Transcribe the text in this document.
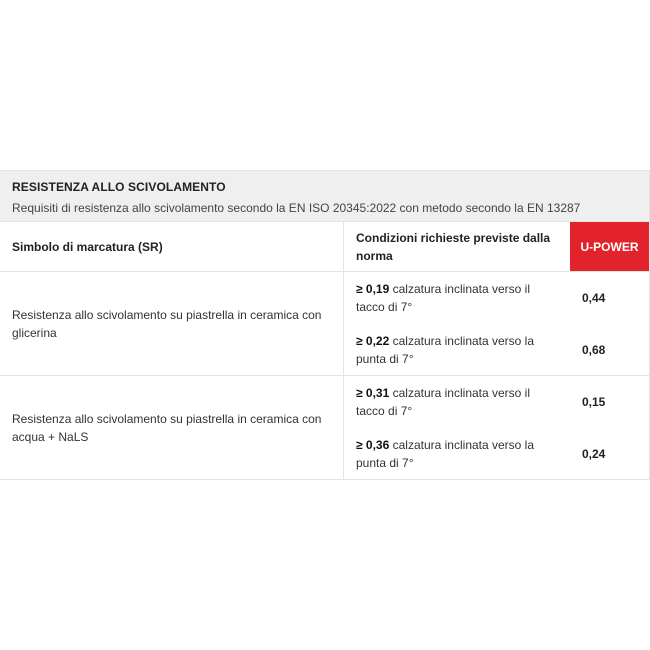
RESISTENZA ALLO SCIVOLAMENTO
Requisiti di resistenza allo scivolamento secondo la EN ISO 20345:2022 con metodo secondo la EN 13287
Simbolo di marcatura (SR)
Condizioni richieste previste dalla norma
U-POWER
Resistenza allo scivolamento su piastrella in ceramica con glicerina
≥ 0,19 calzatura inclinata verso il tacco di 7°
≥ 0,22 calzatura inclinata verso la punta di 7°
0,44
0,68
Resistenza allo scivolamento su piastrella in ceramica con acqua + NaLS
≥ 0,31 calzatura inclinata verso il tacco di 7°
≥ 0,36 calzatura inclinata verso la punta di 7°
0,15
0,24
